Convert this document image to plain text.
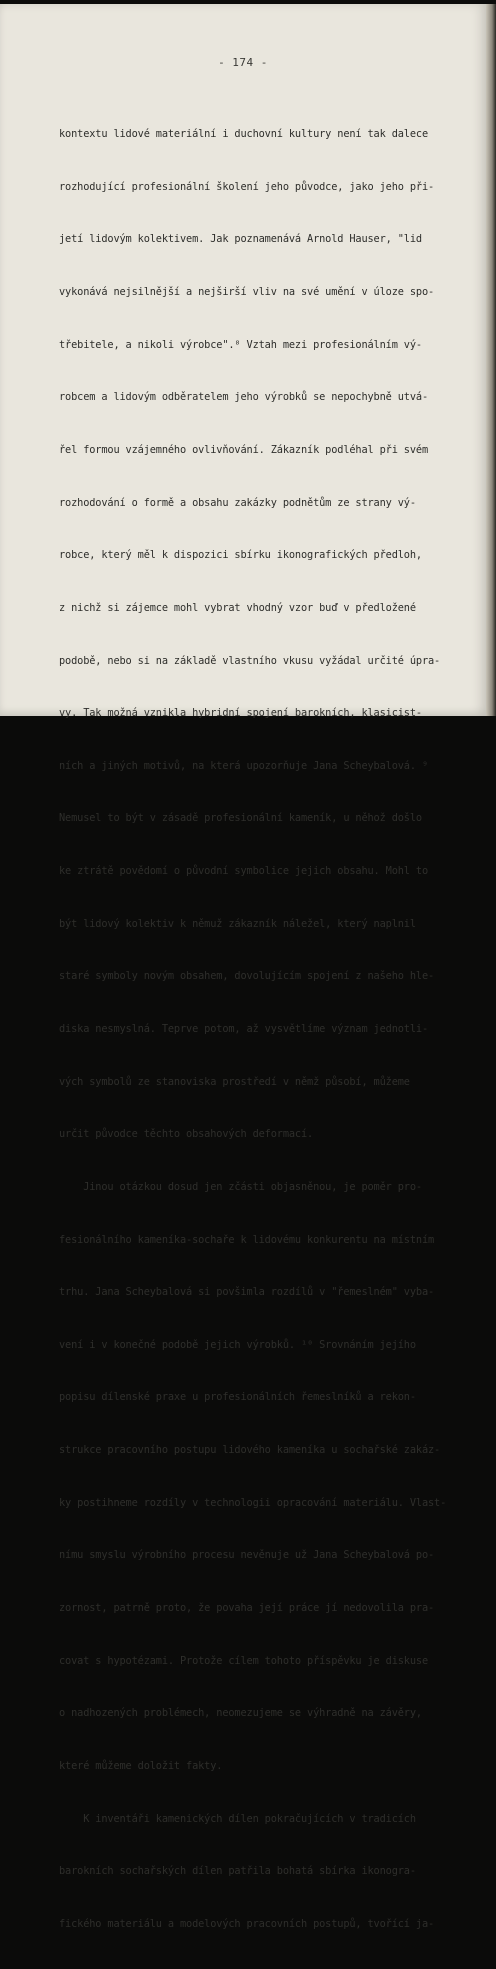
- 174 -

kontextu lidové materiální i duchovní kultury není tak dalece

rozhodující profesionální školení jeho původce, jako jeho při-

jetí lidovým kolektivem. Jak poznamenává Arnold Hauser, "lid

vykonává nejsilnější a nejširší vliv na své umění v úloze spo-

třebitele, a nikoli výrobce".⁸ Vztah mezi profesionálním vý-

robcem a lidovým odběratelem jeho výrobků se nepochybně utvá-

řel formou vzájemného ovlivňování. Zákazník podléhal při svém

rozhodování o formě a obsahu zakázky podnětům ze strany vý-

robce, který měl k dispozici sbírku ikonografických předloh,

z nichž si zájemce mohl vybrat vhodný vzor buď v předložené

podobě, nebo si na základě vlastního vkusu vyžádal určité úpra-

vy. Tak možná vznikla hybridní spojení barokních, klasicist-

ních a jiných motivů, na která upozorňuje Jana Scheybalová. ⁹

Nemusel to být v zásadě profesionální kameník, u něhož došlo

ke ztrátě povědomí o původní symbolice jejich obsahu. Mohl to

být lidový kolektiv k němuž zákazník náležel, který naplnil

staré symboly novým obsahem, dovolujícím spojení z našeho hle-

diska nesmyslná. Teprve potom, až vysvětlíme význam jednotli-

vých symbolů ze stanoviska prostředí v němž působí, můžeme

určit původce těchto obsahových deformací.

Jinou otázkou dosud jen zčásti objasněnou, je poměr pro-

fesionálního kameníka-sochaře k lidovému konkurentu na místním

trhu. Jana Scheybalová si povšimla rozdílů v "řemeslném" vyba-

vení i v konečné podobě jejich výrobků. ¹⁰ Srovnáním jejího

popisu dílenské praxe u profesionálních řemeslníků a rekon-

strukce pracovního postupu lidového kameníka u sochařské zakáz-

ky postihneme rozdíly v technologii opracování materiálu. Vlast-

nímu smyslu výrobního procesu nevěnuje už Jana Scheybalová po-

zornost, patrně proto, že povaha její práce jí nedovolila pra-

covat s hypotézami. Protože cílem tohoto příspěvku je diskuse

o nadhozených problémech, neomezujeme se výhradně na závěry,

které můžeme doložit fakty.

K inventáři kamenických dílen pokračujících v tradicích

barokních sochařských dílen patřila bohatá sbírka ikonogra-

fického materiálu a modelových pracovních postupů, tvořící ja-
